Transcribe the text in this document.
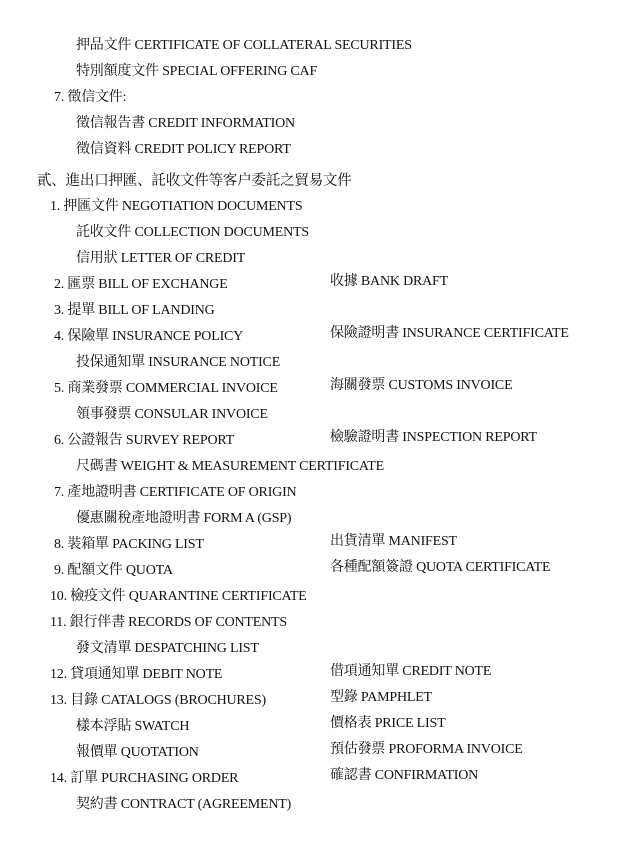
押品文件 CERTIFICATE OF COLLATERAL SECURITIES
特別額度文件 SPECIAL OFFERING CAF
7. 徵信文件:
徵信報告書 CREDIT INFORMATION
徵信資料 CREDIT POLICY REPORT
貳、進出口押匯、託收文件等客户委託之貿易文件
1. 押匯文件 NEGOTIATION DOCUMENTS
託收文件 COLLECTION DOCUMENTS
信用狀 LETTER OF CREDIT
2. 匯票 BILL OF EXCHANGE	收據 BANK DRAFT
3. 提單 BILL OF LANDING
4. 保險單 INSURANCE POLICY	保險證明書 INSURANCE CERTIFICATE
投保通知單 INSURANCE NOTICE
5. 商業發票 COMMERCIAL INVOICE	海關發票 CUSTOMS INVOICE
領事發票 CONSULAR INVOICE
6. 公證報告 SURVEY REPORT	檢驗證明書 INSPECTION REPORT
尺碼書 WEIGHT & MEASUREMENT CERTIFICATE
7. 產地證明書 CERTIFICATE OF ORIGIN
優惠關稅產地證明書 FORM A (GSP)
8. 裝箱單 PACKING LIST	出貨清單 MANIFEST
9. 配額文件 QUOTA	各種配額簽證 QUOTA CERTIFICATE
10. 檢疫文件 QUARANTINE CERTIFICATE
11. 銀行伴書 RECORDS OF CONTENTS
發文清單 DESPATCHING LIST
12. 貸項通知單 DEBIT NOTE	借項通知單 CREDIT NOTE
13. 目錄 CATALOGS (BROCHURES)	型錄 PAMPHLET
樣本浮貼 SWATCH	價格表 PRICE LIST
報價單 QUOTATION	預估發票 PROFORMA INVOICE
14. 訂單 PURCHASING ORDER	確認書 CONFIRMATION
契約書 CONTRACT (AGREEMENT)
